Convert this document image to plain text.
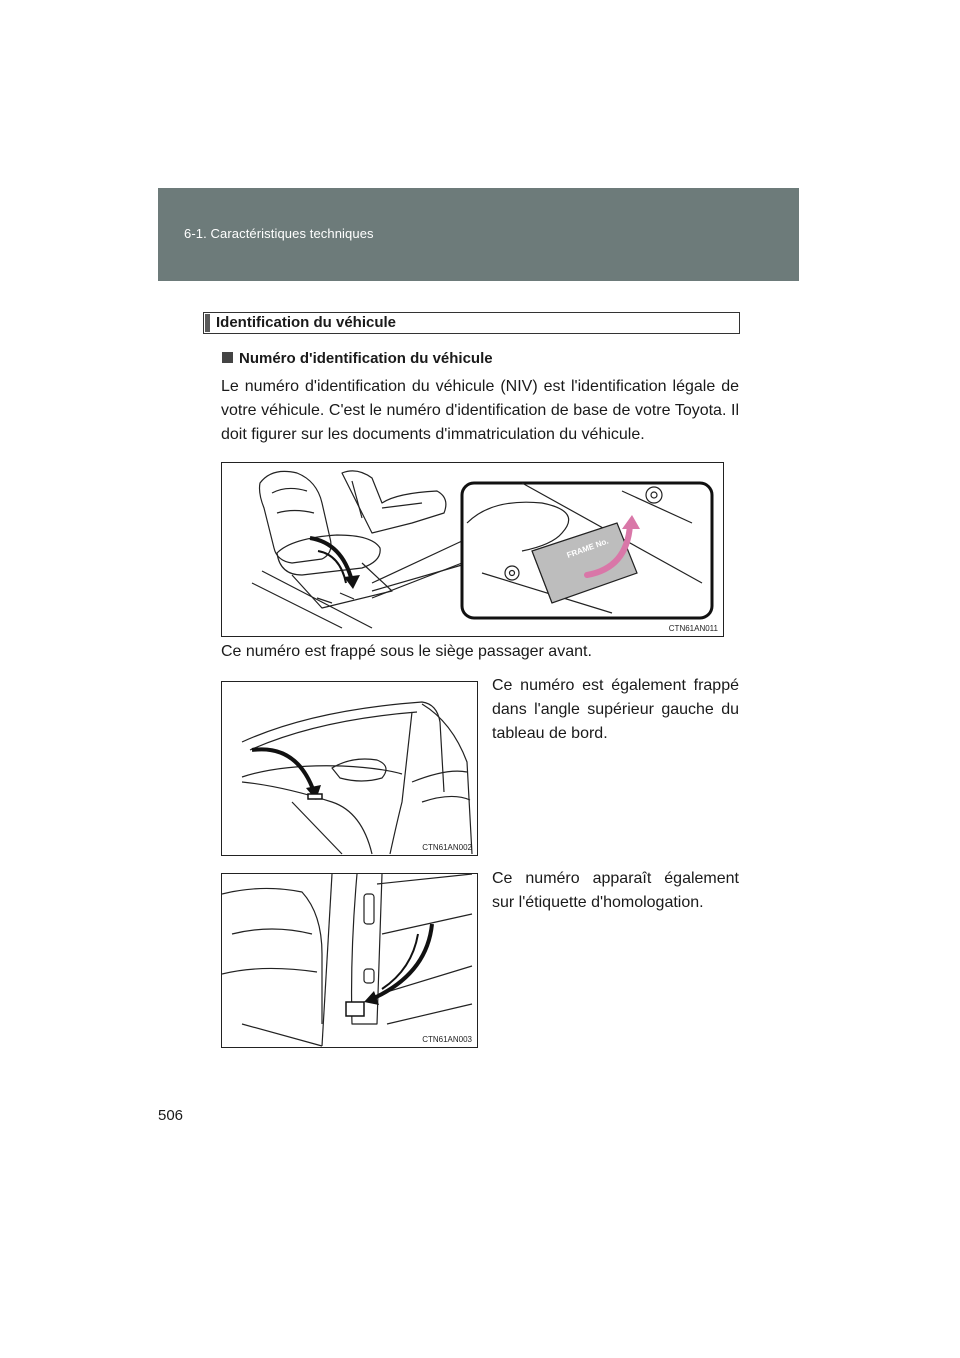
6-1. Caractéristiques techniques
Identification du véhicule
Numéro d'identification du véhicule
Le numéro d'identification du véhicule (NIV) est l'identification légale de votre véhicule. C'est le numéro d'identification de base de votre Toyota. Il doit figurer sur les documents d'immatriculation du véhicule.
FRAME No.
CTN61AN011
Ce numéro est frappé sous le siège passager avant.
CTN61AN002
Ce numéro est également frappé dans l'angle supérieur gauche du tableau de bord.
CTN61AN003
Ce numéro apparaît également sur l'étiquette d'homologation.
506
